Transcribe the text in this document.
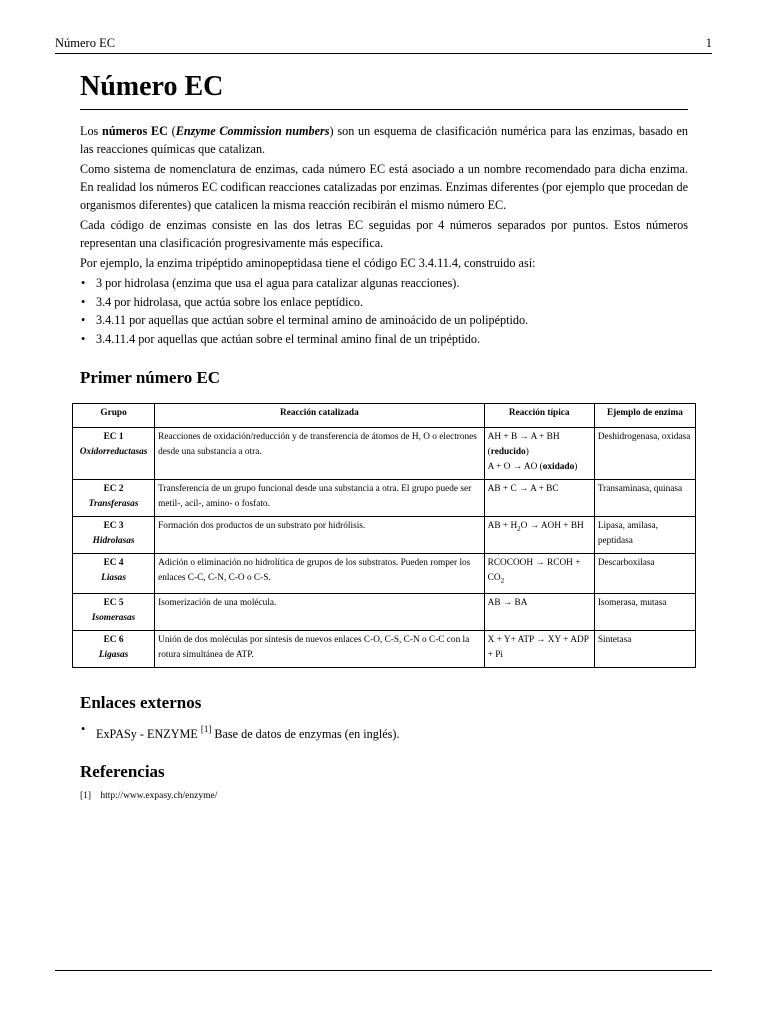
Número EC	1
Número EC

Los números EC (Enzyme Commission numbers) son un esquema de clasificación numérica para las enzimas, basado en las reacciones químicas que catalizan.

Como sistema de nomenclatura de enzimas, cada número EC está asociado a un nombre recomendado para dicha enzima. En realidad los números EC codifican reacciones catalizadas por enzimas. Enzimas diferentes (por ejemplo que procedan de organismos diferentes) que catalicen la misma reacción recibirán el mismo número EC.

Cada código de enzimas consiste en las dos letras EC seguidas por 4 números separados por puntos. Estos números representan una clasificación progresivamente más específica.

Por ejemplo, la enzima tripéptido aminopeptidasa tiene el código EC 3.4.11.4, construido así:

• 3 por hidrolasa (enzima que usa el agua para catalizar algunas reacciones).
• 3.4 por hidrolasa, que actúa sobre los enlace peptídico.
• 3.4.11 por aquellas que actúan sobre el terminal amino de aminoácido de un polipéptido.
• 3.4.11.4 por aquellas que actúan sobre el terminal amino final de un tripéptido.
Primer número EC
Grupo	Reacción catalizada	Reacción típica	Ejemplo de enzima
EC 1
Oxidorreductasas	Reacciones de oxidación/reducción y de transferencia de átomos de H, O o electrones desde una substancia a otra.	AH + B → A + BH
(reducido)
A + O → AO (oxidado)	Deshidrogenasa, oxidasa
EC 2
Transferasas	Transferencia de un grupo funcional desde una substancia a otra. El grupo puede ser metil-, acil-, amino- o fosfato.	AB + C → A + BC	Transaminasa, quinasa
EC 3
Hidrolasas	Formación dos productos de un substrato por hidrólisis.	AB + $H_2O$ → AOH + BH	Lipasa, amilasa, peptidasa
EC 4
Liasas	Adición o eliminación no hidrolítica de grupos de los substratos. Pueden romper los enlaces C-C, C-N, C-O o C-S.	RCOCOOH → RCOH + $CO_2$	Descarboxilasa
EC 5
Isomerasas	Isomerización de una molécula.	AB → BA	Isomerasa, mutasa
EC 6
Ligasas	Unión de dos moléculas por síntesis de nuevos enlaces C-O, C-S, C-N o C-C con la rotura simultánea de ATP.	X + Y+ ATP → XY + ADP + Pi	Sintetasa
Enlaces externos
• ExPASy - ENZYME [1] Base de datos de enzymas (en inglés).
Referencias
[1] http://www.expasy.ch/enzyme/
